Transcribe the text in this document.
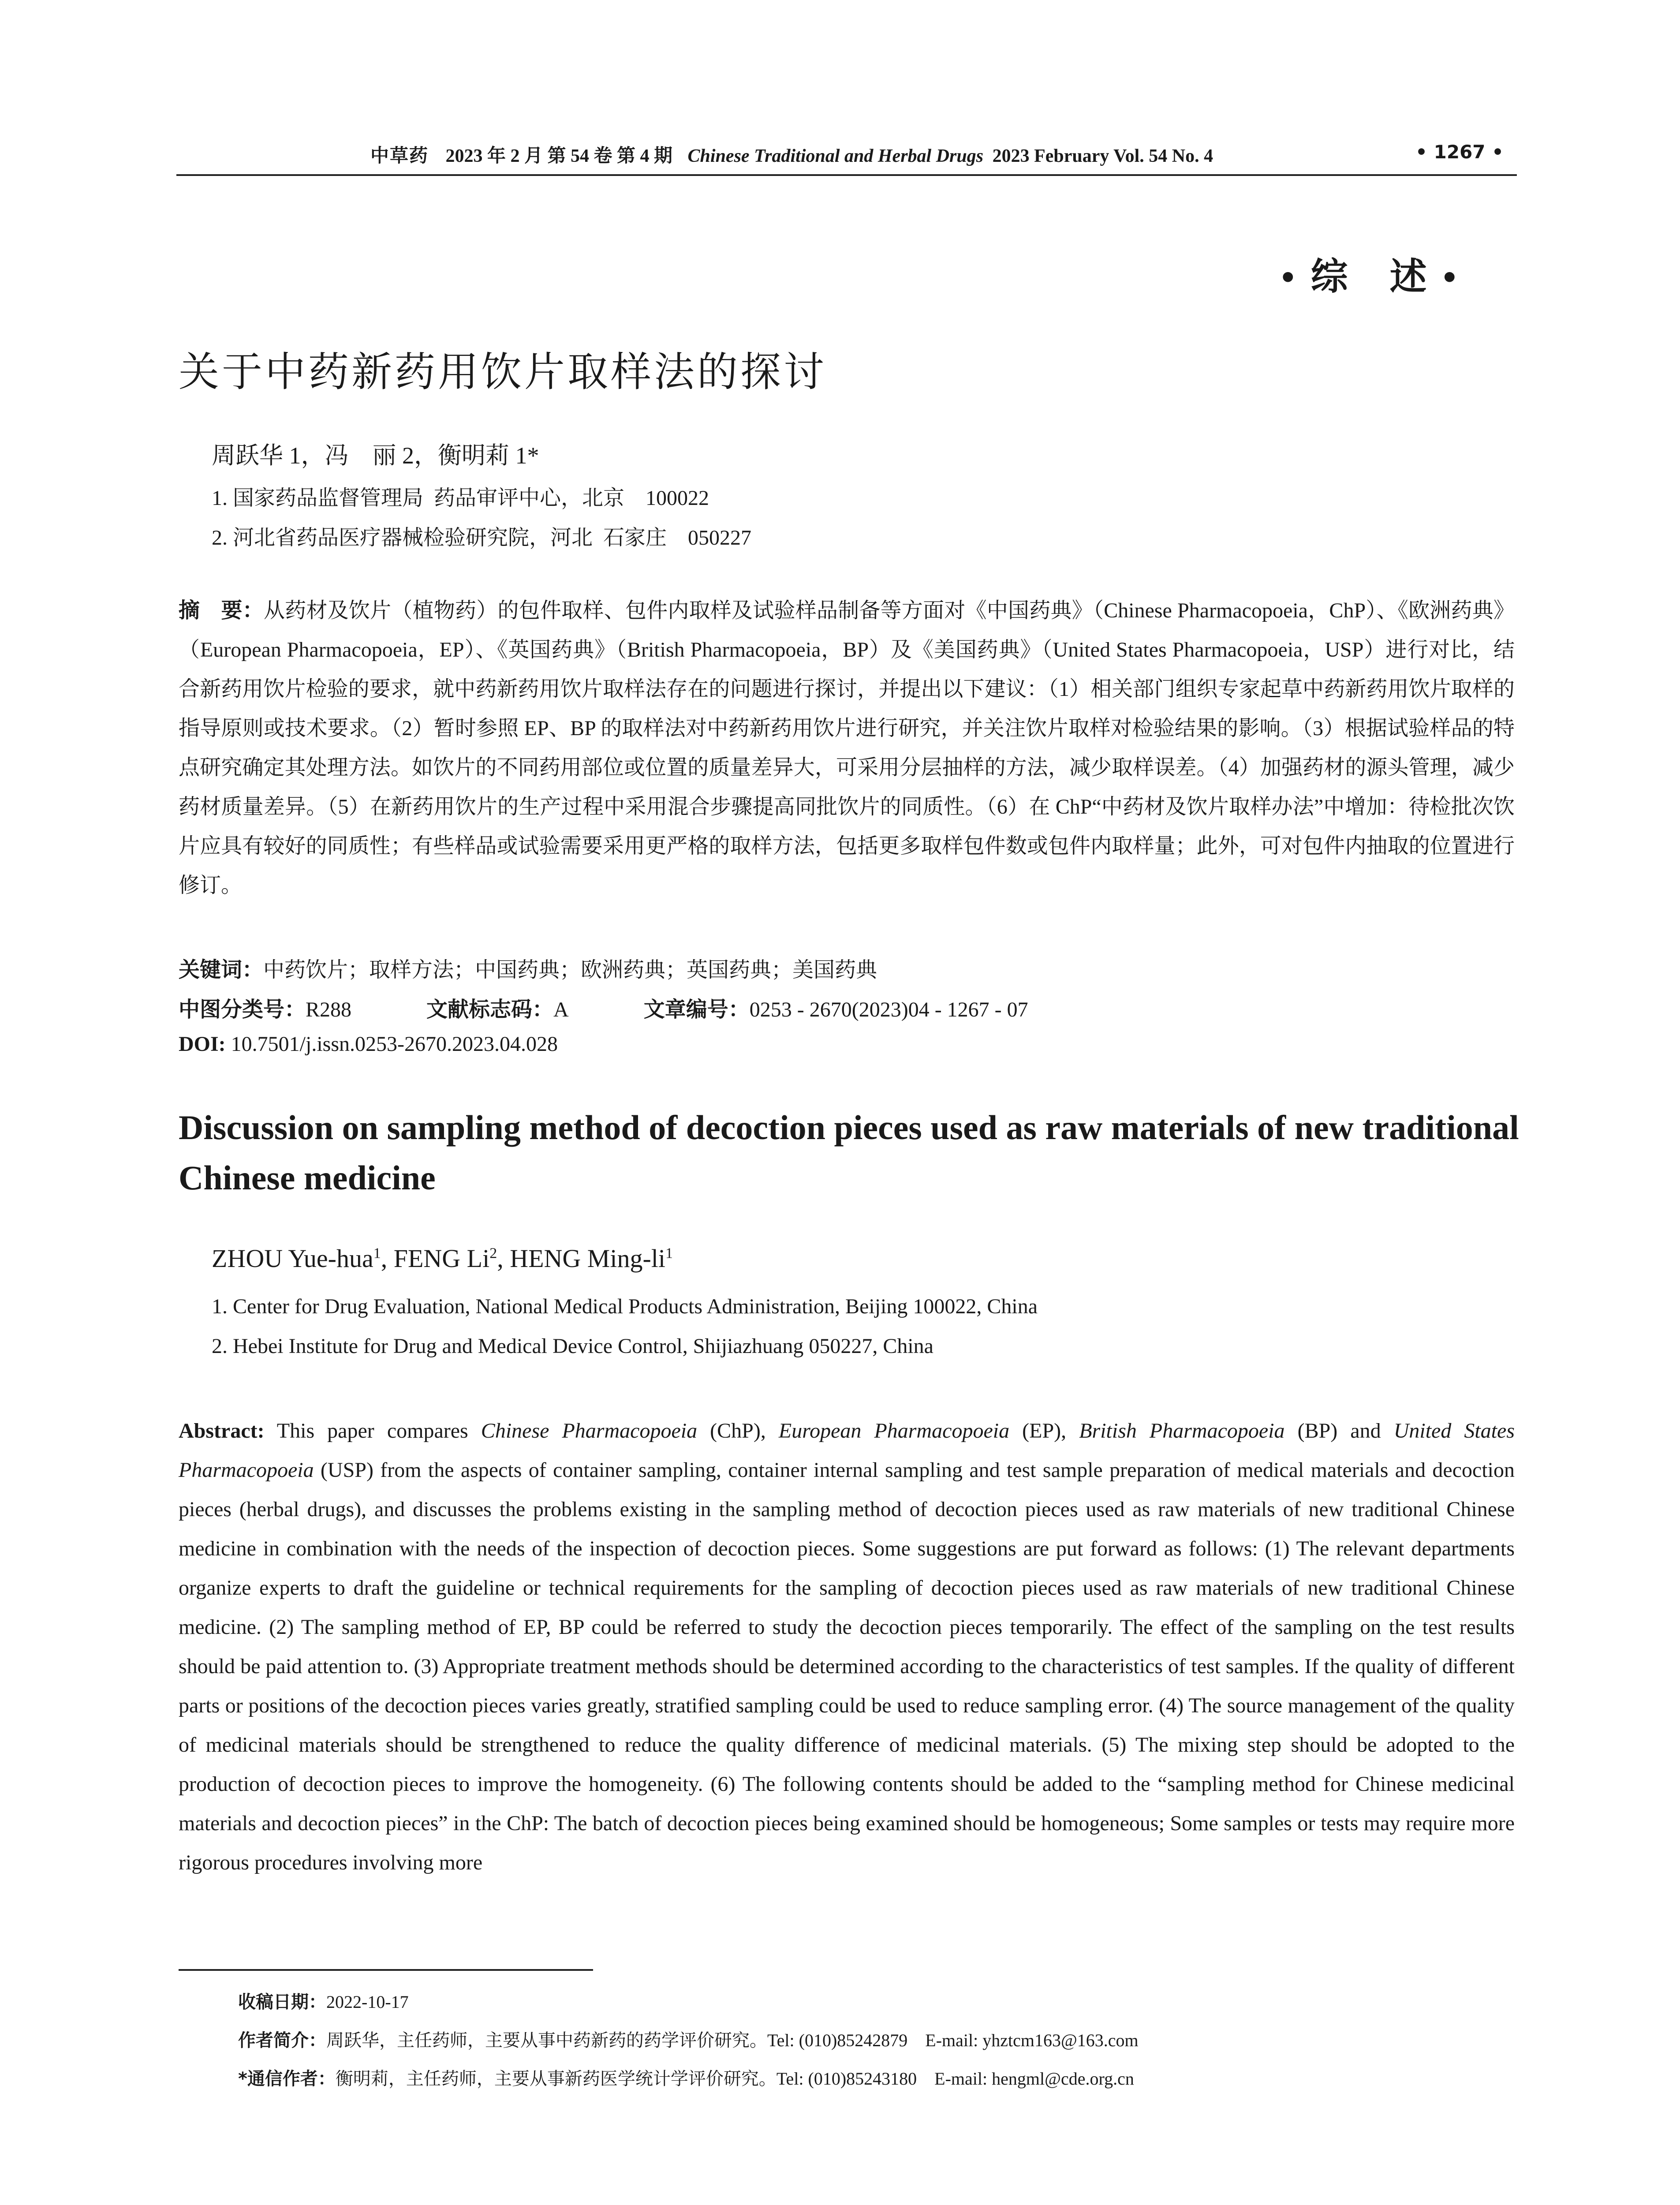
中草药 2023 年 2 月 第 54 卷 第 4 期 Chinese Traditional and Herbal Drugs 2023 February Vol. 54 No. 4	• 1267 •
• 综   述 •
关于中药新药用饮片取样法的探讨
周跃华 1，冯　丽 2，衡明莉 1*
1. 国家药品监督管理局  药品审评中心，北京    100022
2. 河北省药品医疗器械检验研究院，河北  石家庄    050227
摘　要：从药材及饮片（植物药）的包件取样、包件内取样及试验样品制备等方面对《中国药典》（Chinese Pharmacopoeia，ChP）、《欧洲药典》（European Pharmacopoeia，EP）、《英国药典》（British Pharmacopoeia，BP）及《美国药典》（United States Pharmacopoeia，USP）进行对比，结合新药用饮片检验的要求，就中药新药用饮片取样法存在的问题进行探讨，并提出以下建议：（1）相关部门组织专家起草中药新药用饮片取样的指导原则或技术要求。（2）暂时参照 EP、BP 的取样法对中药新药用饮片进行研究，并关注饮片取样对检验结果的影响。（3）根据试验样品的特点研究确定其处理方法。如饮片的不同药用部位或位置的质量差异大，可采用分层抽样的方法，减少取样误差。（4）加强药材的源头管理，减少药材质量差异。（5）在新药用饮片的生产过程中采用混合步骤提高同批饮片的同质性。（6）在 ChP“中药材及饮片取样办法”中增加：待检批次饮片应具有较好的同质性；有些样品或试验需要采用更严格的取样方法，包括更多取样包件数或包件内取样量；此外，可对包件内抽取的位置进行修订。
关键词：中药饮片；取样方法；中国药典；欧洲药典；英国药典；美国药典
中图分类号：R288	文献标志码：A	文章编号：0253 - 2670(2023)04 - 1267 - 07
DOI: 10.7501/j.issn.0253-2670.2023.04.028
Discussion on sampling method of decoction pieces used as raw materials of new traditional Chinese medicine
ZHOU Yue-hua$^1$, FENG Li$^2$, HENG Ming-$li^1$
1. Center for Drug Evaluation, National Medical Products Administration, Beijing 100022, China
2. Hebei Institute for Drug and Medical Device Control, Shijiazhuang 050227, China
Abstract: This paper compares Chinese Pharmacopoeia (ChP), European Pharmacopoeia (EP), British Pharmacopoeia (BP) and United States Pharmacopoeia (USP) from the aspects of container sampling, container internal sampling and test sample preparation of medical materials and decoction pieces (herbal drugs), and discusses the problems existing in the sampling method of decoction pieces used as raw materials of new traditional Chinese medicine in combination with the needs of the inspection of decoction pieces. Some suggestions are put forward as follows: (1) The relevant departments organize experts to draft the guideline or technical requirements for the sampling of decoction pieces used as raw materials of new traditional Chinese medicine. (2) The sampling method of EP, BP could be referred to study the decoction pieces temporarily. The effect of the sampling on the test results should be paid attention to. (3) Appropriate treatment methods should be determined according to the characteristics of test samples. If the quality of different parts or positions of the decoction pieces varies greatly, stratified sampling could be used to reduce sampling error. (4) The source management of the quality of medicinal materials should be strengthened to reduce the quality difference of medicinal materials. (5) The mixing step should be adopted to the production of decoction pieces to improve the homogeneity. (6) The following contents should be added to the “sampling method for Chinese medicinal materials and decoction pieces” in the ChP: The batch of decoction pieces being examined should be homogeneous; Some samples or tests may require more rigorous procedures involving more
收稿日期：2022-10-17
作者简介：周跃华，主任药师，主要从事中药新药的药学评价研究。Tel: (010)85242879    E-mail: yhztcm163@163.com
*通信作者：衡明莉，主任药师，主要从事新药医学统计学评价研究。Tel: (010)85243180    E-mail: hengml@cde.org.cn
